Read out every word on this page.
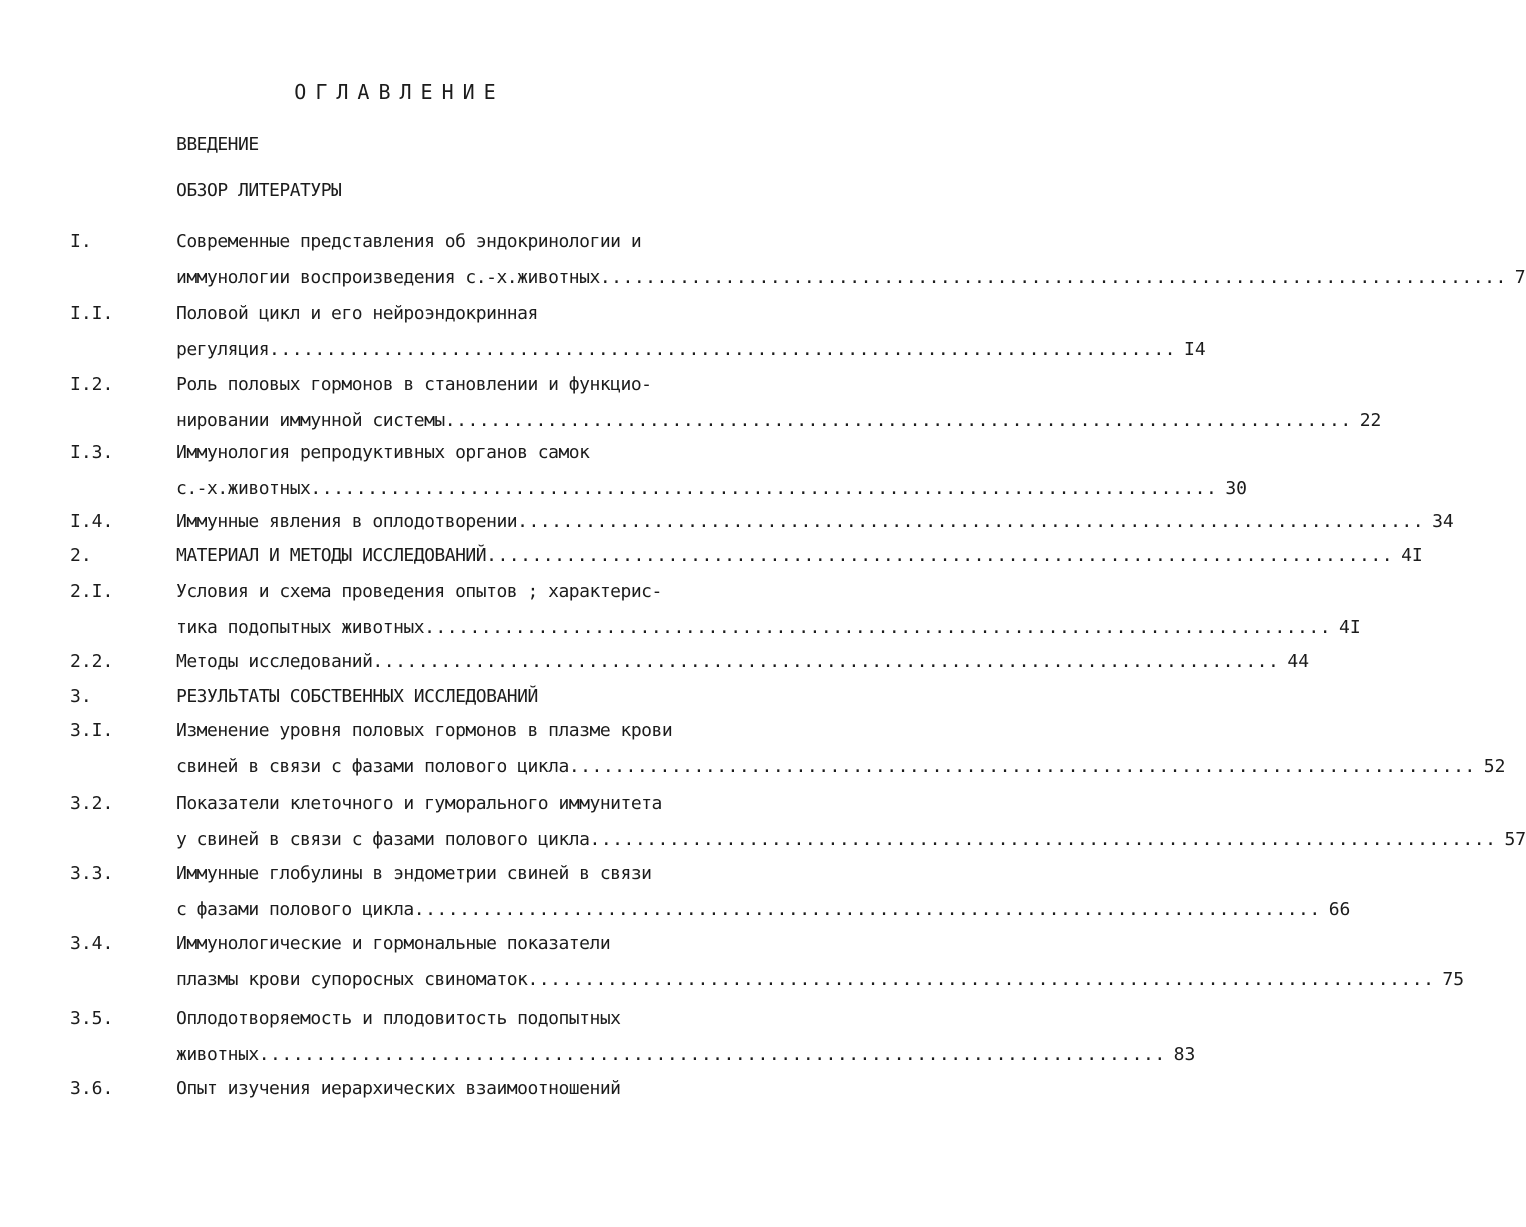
ОГЛАВЛЕНИЕ
ВВЕДЕНИЕ
ОБЗОР ЛИТЕРАТУРЫ
I.	Современные представления об эндокринологии и
иммунологии воспроизведения с.-х.животных ................................................................................ 7
I.I.	Половой цикл и его нейроэндокринная
регуляция ................................................................................ I4
I.2.	Роль половых гормонов в становлении и функцио-
нировании иммунной системы ................................................................................ 22
I.3.	Иммунология репродуктивных органов самок
с.-х.животных ................................................................................ 30
I.4.	Иммунные явления в оплодотворении ................................................................................ 34
2.	МАТЕРИАЛ И МЕТОДЫ ИССЛЕДОВАНИЙ ................................................................................ 4I
2.I.	Условия и схема проведения опытов ; характерис-
тика подопытных животных ................................................................................ 4I
2.2.	Методы исследований ................................................................................ 44
3.	РЕЗУЛЬТАТЫ СОБСТВЕННЫХ ИССЛЕДОВАНИЙ
3.I.	Изменение уровня половых гормонов в плазме крови
свиней в связи с фазами полового цикла ................................................................................ 52
3.2.	Показатели клеточного и гуморального иммунитета
у свиней в связи с фазами полового цикла ................................................................................ 57
3.3.	Иммунные глобулины в эндометрии свиней в связи
с фазами полового цикла ................................................................................ 66
3.4.	Иммунологические и гормональные показатели
плазмы крови супоросных свиноматок ................................................................................ 75
3.5.	Оплодотворяемость и плодовитость подопытных
животных ................................................................................ 83
3.6.	Опыт изучения иерархических взаимоотношений
